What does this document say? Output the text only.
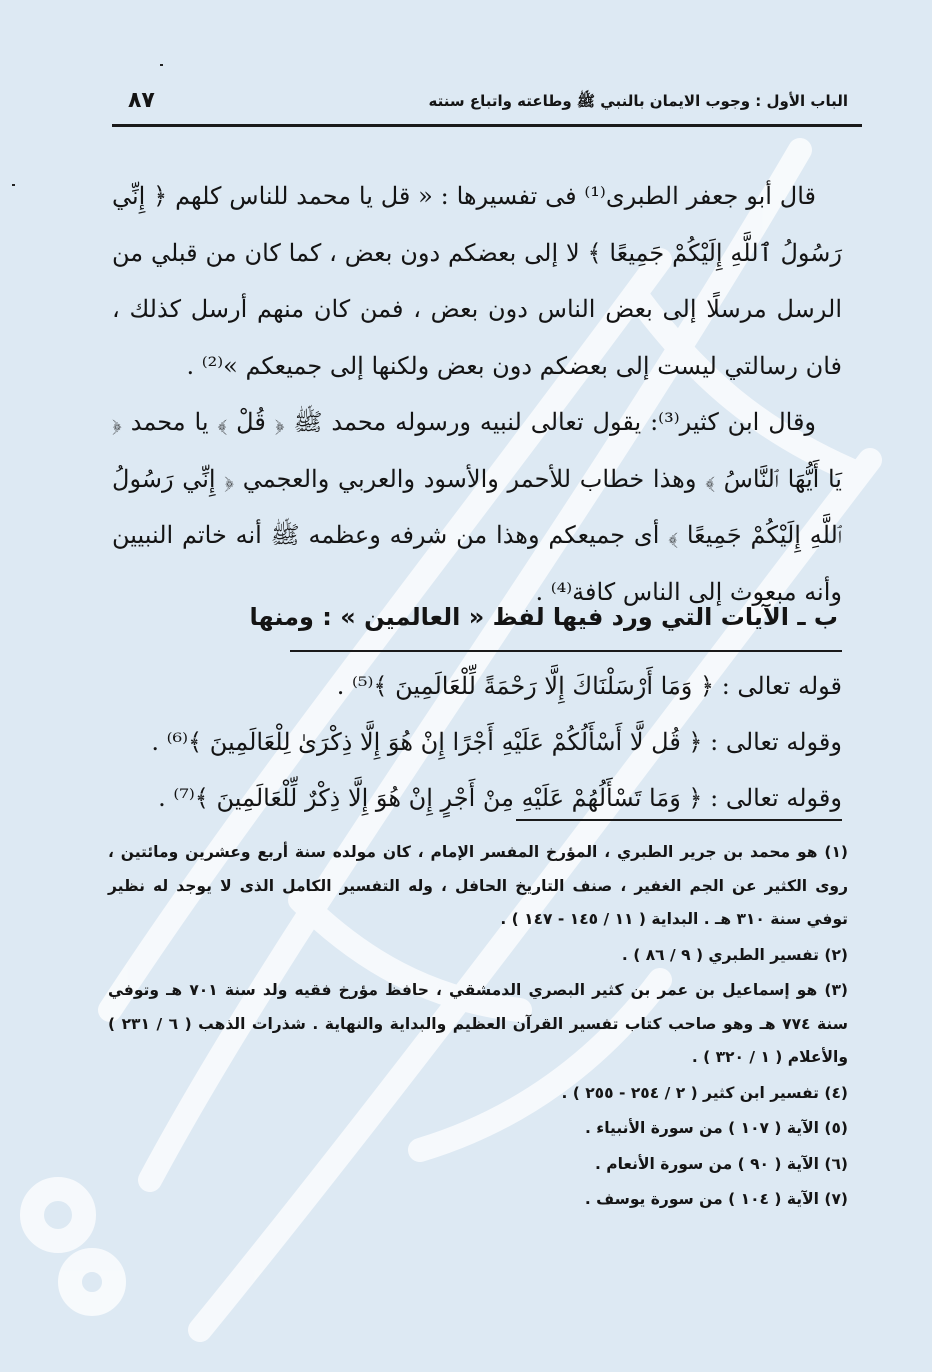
٨٧	الباب الأول : وجوب الايمان بالنبي ﷺ وطاعته واتباع سنته

قال أبو جعفر الطبرى⁽¹⁾ فى تفسيرها : « قل يا محمد للناس كلهم ﴿ إِنِّي رَسُولُ ٱللَّهِ إِلَيْكُمْ جَمِيعًا ﴾ لا إلى بعضكم دون بعض ، كما كان من قبلي من الرسل مرسلًا إلى بعض الناس دون بعض ، فمن كان منهم أرسل كذلك ، فان رسالتي ليست إلى بعضكم دون بعض ولكنها إلى جميعكم »⁽²⁾ .

وقال ابن كثير⁽³⁾: يقول تعالى لنبيه ورسوله محمد ﷺ ﴿ قُلْ ﴾ يا محمد ﴿ يَا أَيُّهَا ٱلنَّاسُ ﴾ وهذا خطاب للأحمر والأسود والعربي والعجمي ﴿ إِنِّي رَسُولُ ٱللَّهِ إِلَيْكُمْ جَمِيعًا ﴾ أى جميعكم وهذا من شرفه وعظمه ﷺ أنه خاتم النبيين وأنه مبعوث إلى الناس كافة⁽⁴⁾ .

ب ـ الآيات التي ورد فيها لفظ « العالمين » : ومنها
قوله تعالى : ﴿ وَمَا أَرْسَلْنَاكَ إِلَّا رَحْمَةً لِّلْعَالَمِينَ ﴾⁽⁵⁾ .
وقوله تعالى : ﴿ قُل لَّا أَسْأَلُكُمْ عَلَيْهِ أَجْرًا إِنْ هُوَ إِلَّا ذِكْرَىٰ لِلْعَالَمِينَ ﴾⁽⁶⁾ .
وقوله تعالى : ﴿ وَمَا تَسْأَلُهُمْ عَلَيْهِ مِنْ أَجْرٍ إِنْ هُوَ إِلَّا ذِكْرٌ لِّلْعَالَمِينَ ﴾⁽⁷⁾ .

(١) هو محمد بن جرير الطبري ، المؤرخ المفسر الإمام ، كان مولده سنة أربع وعشرين ومائتين ، روى الكثير عن الجم الغفير ، صنف التاريخ الحافل ، وله التفسير الكامل الذى لا يوجد له نظير توفي سنة ٣١٠ هـ . البداية ( ١١ / ١٤٥ - ١٤٧ ) .

(٢) تفسير الطبري ( ٩ / ٨٦ ) .

(٣) هو إسماعيل بن عمر بن كثير البصري الدمشقي ، حافظ مؤرخ فقيه ولد سنة ٧٠١ هـ وتوفي سنة ٧٧٤ هـ وهو صاحب كتاب تفسير القرآن العظيم والبداية والنهاية . شذرات الذهب ( ٦ / ٢٣١ ) والأعلام ( ١ / ٣٢٠ ) .

(٤) تفسير ابن كثير ( ٢ / ٢٥٤ - ٢٥٥ ) .

(٥) الآية ( ١٠٧ ) من سورة الأنبياء .

(٦) الآية ( ٩٠ ) من سورة الأنعام .

(٧) الآية ( ١٠٤ ) من سورة يوسف .
